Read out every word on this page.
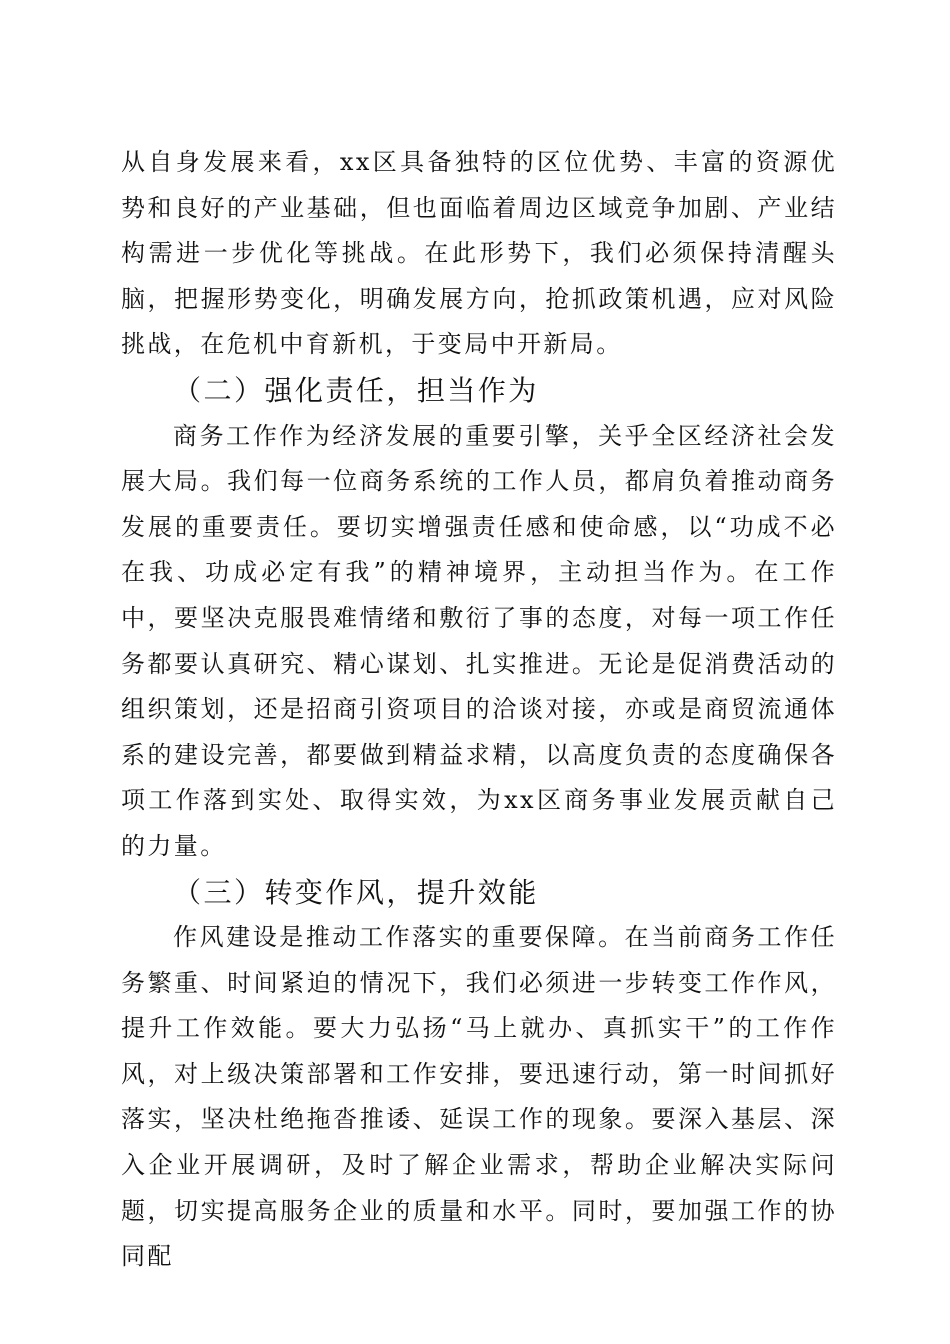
从自身发展来看，xx区具备独特的区位优势、丰富的资源优势和良好的产业基础，但也面临着周边区域竞争加剧、产业结构需进一步优化等挑战。在此形势下，我们必须保持清醒头脑，把握形势变化，明确发展方向，抢抓政策机遇，应对风险挑战，在危机中育新机，于变局中开新局。

（二）强化责任，担当作为

商务工作作为经济发展的重要引擎，关乎全区经济社会发展大局。我们每一位商务系统的工作人员，都肩负着推动商务发展的重要责任。要切实增强责任感和使命感，以“功成不必在我、功成必定有我”的精神境界，主动担当作为。在工作中，要坚决克服畏难情绪和敷衍了事的态度，对每一项工作任务都要认真研究、精心谋划、扎实推进。无论是促消费活动的组织策划，还是招商引资项目的洽谈对接，亦或是商贸流通体系的建设完善，都要做到精益求精，以高度负责的态度确保各项工作落到实处、取得实效，为xx区商务事业发展贡献自己的力量。

（三）转变作风，提升效能

作风建设是推动工作落实的重要保障。在当前商务工作任务繁重、时间紧迫的情况下，我们必须进一步转变工作作风，提升工作效能。要大力弘扬“马上就办、真抓实干”的工作作风，对上级决策部署和工作安排，要迅速行动，第一时间抓好落实，坚决杜绝拖沓推诿、延误工作的现象。要深入基层、深入企业开展调研，及时了解企业需求，帮助企业解决实际问题，切实提高服务企业的质量和水平。同时，要加强工作的协同配
